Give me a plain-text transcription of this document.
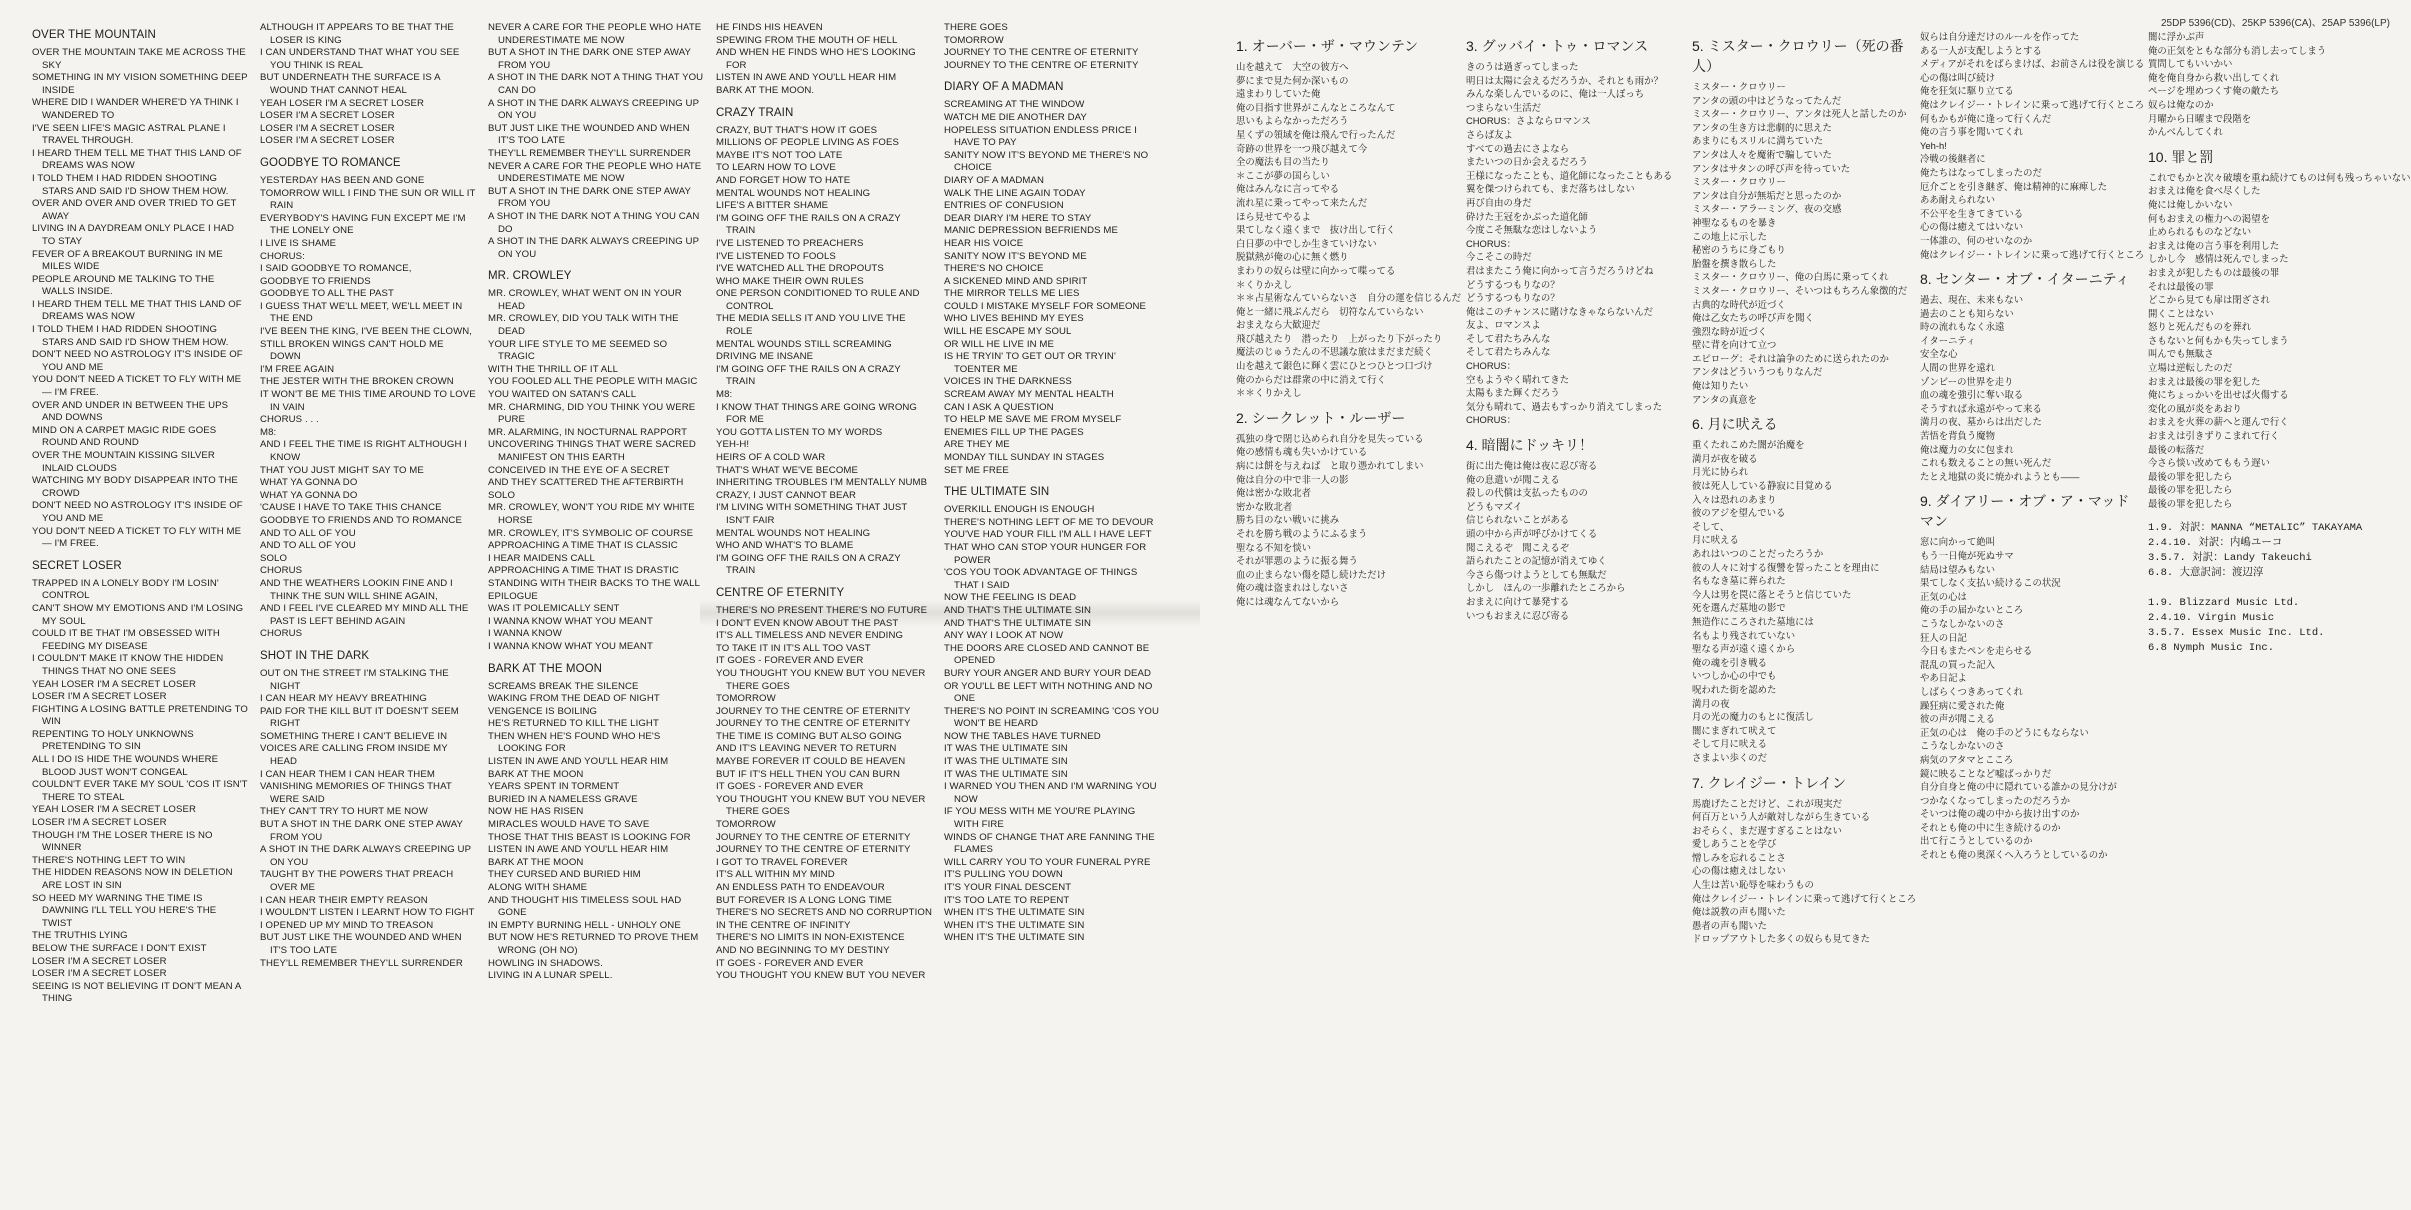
25DP 5396(CD)、25KP 5396(CA)、25AP 5396(LP)
OVER THE MOUNTAIN
OVER THE MOUNTAIN TAKE ME ACROSS THE SKY
SOMETHING IN MY VISION SOMETHING DEEP INSIDE
WHERE DID I WANDER WHERE'D YA THINK I WANDERED TO
I'VE SEEN LIFE'S MAGIC ASTRAL PLANE I TRAVEL THROUGH.
I HEARD THEM TELL ME THAT THIS LAND OF DREAMS WAS NOW
I TOLD THEM I HAD RIDDEN SHOOTING STARS AND SAID I'D SHOW THEM HOW.
OVER AND OVER AND OVER TRIED TO GET AWAY
LIVING IN A DAYDREAM ONLY PLACE I HAD TO STAY
FEVER OF A BREAKOUT BURNING IN ME MILES WIDE
PEOPLE AROUND ME TALKING TO THE WALLS INSIDE.
I HEARD THEM TELL ME THAT THIS LAND OF DREAMS WAS NOW
I TOLD THEM I HAD RIDDEN SHOOTING STARS AND SAID I'D SHOW THEM HOW.
DON'T NEED NO ASTROLOGY IT'S INSIDE OF YOU AND ME
YOU DON'T NEED A TICKET TO FLY WITH ME — I'M FREE.
OVER AND UNDER IN BETWEEN THE UPS AND DOWNS
MIND ON A CARPET MAGIC RIDE GOES ROUND AND ROUND
OVER THE MOUNTAIN KISSING SILVER INLAID CLOUDS
WATCHING MY BODY DISAPPEAR INTO THE CROWD
DON'T NEED NO ASTROLOGY IT'S INSIDE OF YOU AND ME
YOU DON'T NEED A TICKET TO FLY WITH ME — I'M FREE.
SECRET LOSER
TRAPPED IN A LONELY BODY I'M LOSIN' CONTROL
CAN'T SHOW MY EMOTIONS AND I'M LOSING MY SOUL
COULD IT BE THAT I'M OBSESSED WITH FEEDING MY DISEASE
I COULDN'T MAKE IT KNOW THE HIDDEN THINGS THAT NO ONE SEES
YEAH LOSER I'M A SECRET LOSER
LOSER I'M A SECRET LOSER
FIGHTING A LOSING BATTLE PRETENDING TO WIN
REPENTING TO HOLY UNKNOWNS PRETENDING TO SIN
ALL I DO IS HIDE THE WOUNDS WHERE BLOOD JUST WON'T CONGEAL
COULDN'T EVER TAKE MY SOUL 'COS IT ISN'T THERE TO STEAL
YEAH LOSER I'M A SECRET LOSER
LOSER I'M A SECRET LOSER
THOUGH I'M THE LOSER THERE IS NO WINNER
THERE'S NOTHING LEFT TO WIN
THE HIDDEN REASONS NOW IN DELETION ARE LOST IN SIN
SO HEED MY WARNING THE TIME IS DAWNING I'LL TELL YOU HERE'S THE TWIST
THE TRUTHIS LYING
BELOW THE SURFACE I DON'T EXIST
LOSER I'M A SECRET LOSER
LOSER I'M A SECRET LOSER
SEEING IS NOT BELIEVING IT DON'T MEAN A THING
ALTHOUGH IT APPEARS TO BE THAT THE LOSER IS KING
I CAN UNDERSTAND THAT WHAT YOU SEE YOU THINK IS REAL
BUT UNDERNEATH THE SURFACE IS A WOUND THAT CANNOT HEAL
YEAH LOSER I'M A SECRET LOSER
LOSER I'M A SECRET LOSER
LOSER I'M A SECRET LOSER
LOSER I'M A SECRET LOSER
GOODBYE TO ROMANCE
YESTERDAY HAS BEEN AND GONE
TOMORROW WILL I FIND THE SUN OR WILL IT RAIN
EVERYBODY'S HAVING FUN EXCEPT ME I'M THE LONELY ONE
I LIVE IS SHAME
CHORUS:
I SAID GOODBYE TO ROMANCE,
GOODBYE TO FRIENDS
GOODBYE TO ALL THE PAST
I GUESS THAT WE'LL MEET, WE'LL MEET IN THE END
I'VE BEEN THE KING, I'VE BEEN THE CLOWN,
STILL BROKEN WINGS CAN'T HOLD ME DOWN
I'M FREE AGAIN
THE JESTER WITH THE BROKEN CROWN
IT WON'T BE ME THIS TIME AROUND TO LOVE IN VAIN
CHORUS . . .
M8:
AND I FEEL THE TIME IS RIGHT ALTHOUGH I KNOW
THAT YOU JUST MIGHT SAY TO ME
WHAT YA GONNA DO
WHAT YA GONNA DO
'CAUSE I HAVE TO TAKE THIS CHANCE
GOODBYE TO FRIENDS AND TO ROMANCE
AND TO ALL OF YOU
AND TO ALL OF YOU
SOLO
CHORUS
AND THE WEATHERS LOOKIN FINE AND I THINK THE SUN WILL SHINE AGAIN,
AND I FEEL I'VE CLEARED MY MIND ALL THE PAST IS LEFT BEHIND AGAIN
CHORUS
SHOT IN THE DARK
OUT ON THE STREET I'M STALKING THE NIGHT
I CAN HEAR MY HEAVY BREATHING
PAID FOR THE KILL BUT IT DOESN'T SEEM RIGHT
SOMETHING THERE I CAN'T BELIEVE IN
VOICES ARE CALLING FROM INSIDE MY HEAD
I CAN HEAR THEM I CAN HEAR THEM
VANISHING MEMORIES OF THINGS THAT WERE SAID
THEY CAN'T TRY TO HURT ME NOW
BUT A SHOT IN THE DARK ONE STEP AWAY FROM YOU
A SHOT IN THE DARK ALWAYS CREEPING UP ON YOU
TAUGHT BY THE POWERS THAT PREACH OVER ME
I CAN HEAR THEIR EMPTY REASON
I WOULDN'T LISTEN I LEARNT HOW TO FIGHT
I OPENED UP MY MIND TO TREASON
BUT JUST LIKE THE WOUNDED AND WHEN IT'S TOO LATE
THEY'LL REMEMBER THEY'LL SURRENDER
NEVER A CARE FOR THE PEOPLE WHO HATE UNDERESTIMATE ME NOW
BUT A SHOT IN THE DARK ONE STEP AWAY FROM YOU
A SHOT IN THE DARK NOT A THING THAT YOU CAN DO
A SHOT IN THE DARK ALWAYS CREEPING UP ON YOU
BUT JUST LIKE THE WOUNDED AND WHEN IT'S TOO LATE
THEY'LL REMEMBER THEY'LL SURRENDER
NEVER A CARE FOR THE PEOPLE WHO HATE UNDERESTIMATE ME NOW
BUT A SHOT IN THE DARK ONE STEP AWAY FROM YOU
A SHOT IN THE DARK NOT A THING YOU CAN DO
A SHOT IN THE DARK ALWAYS CREEPING UP ON YOU
MR. CROWLEY
MR. CROWLEY, WHAT WENT ON IN YOUR HEAD
MR. CROWLEY, DID YOU TALK WITH THE DEAD
YOUR LIFE STYLE TO ME SEEMED SO TRAGIC
WITH THE THRILL OF IT ALL
YOU FOOLED ALL THE PEOPLE WITH MAGIC
YOU WAITED ON SATAN'S CALL
MR. CHARMING, DID YOU THINK YOU WERE PURE
MR. ALARMING, IN NOCTURNAL RAPPORT
UNCOVERING THINGS THAT WERE SACRED MANIFEST ON THIS EARTH
CONCEIVED IN THE EYE OF A SECRET
AND THEY SCATTERED THE AFTERBIRTH
SOLO
MR. CROWLEY, WON'T YOU RIDE MY WHITE HORSE
MR. CROWLEY, IT'S SYMBOLIC OF COURSE
APPROACHING A TIME THAT IS CLASSIC
I HEAR MAIDENS CALL
APPROACHING A TIME THAT IS DRASTIC
STANDING WITH THEIR BACKS TO THE WALL
EPILOGUE
WAS IT POLEMICALLY SENT
I WANNA KNOW WHAT YOU MEANT
I WANNA KNOW
I WANNA KNOW WHAT YOU MEANT
BARK AT THE MOON
SCREAMS BREAK THE SILENCE
WAKING FROM THE DEAD OF NIGHT
VENGENCE IS BOILING
HE'S RETURNED TO KILL THE LIGHT
THEN WHEN HE'S FOUND WHO HE'S LOOKING FOR
LISTEN IN AWE AND YOU'LL HEAR HIM
BARK AT THE MOON
YEARS SPENT IN TORMENT
BURIED IN A NAMELESS GRAVE
NOW HE HAS RISEN
MIRACLES WOULD HAVE TO SAVE
THOSE THAT THIS BEAST IS LOOKING FOR
LISTEN IN AWE AND YOU'LL HEAR HIM
BARK AT THE MOON
THEY CURSED AND BURIED HIM
ALONG WITH SHAME
AND THOUGHT HIS TIMELESS SOUL HAD GONE
IN EMPTY BURNING HELL - UNHOLY ONE
BUT NOW HE'S RETURNED TO PROVE THEM WRONG (OH NO)
HOWLING IN SHADOWS.
LIVING IN A LUNAR SPELL.
HE FINDS HIS HEAVEN
SPEWING FROM THE MOUTH OF HELL
AND WHEN HE FINDS WHO HE'S LOOKING FOR
LISTEN IN AWE AND YOU'LL HEAR HIM
BARK AT THE MOON.
CRAZY TRAIN
CRAZY, BUT THAT'S HOW IT GOES
MILLIONS OF PEOPLE LIVING AS FOES
MAYBE IT'S NOT TOO LATE
TO LEARN HOW TO LOVE
AND FORGET HOW TO HATE
MENTAL WOUNDS NOT HEALING
LIFE'S A BITTER SHAME
I'M GOING OFF THE RAILS ON A CRAZY TRAIN
I'VE LISTENED TO PREACHERS
I'VE LISTENED TO FOOLS
I'VE WATCHED ALL THE DROPOUTS
WHO MAKE THEIR OWN RULES
ONE PERSON CONDITIONED TO RULE AND CONTROL
THE MEDIA SELLS IT AND YOU LIVE THE ROLE
MENTAL WOUNDS STILL SCREAMING
DRIVING ME INSANE
I'M GOING OFF THE RAILS ON A CRAZY TRAIN
M8:
I KNOW THAT THINGS ARE GOING WRONG FOR ME
YOU GOTTA LISTEN TO MY WORDS
YEH-H!
HEIRS OF A COLD WAR
THAT'S WHAT WE'VE BECOME
INHERITING TROUBLES I'M MENTALLY NUMB
CRAZY, I JUST CANNOT BEAR
I'M LIVING WITH SOMETHING THAT JUST ISN'T FAIR
MENTAL WOUNDS NOT HEALING
WHO AND WHAT'S TO BLAME
I'M GOING OFF THE RAILS ON A CRAZY TRAIN
CENTRE OF ETERNITY
THERE'S NO PRESENT THERE'S NO FUTURE
I DON'T EVEN KNOW ABOUT THE PAST
IT'S ALL TIMELESS AND NEVER ENDING
TO TAKE IT IN IT'S ALL TOO VAST
IT GOES - FOREVER AND EVER
YOU THOUGHT YOU KNEW BUT YOU NEVER THERE GOES
TOMORROW
JOURNEY TO THE CENTRE OF ETERNITY
JOURNEY TO THE CENTRE OF ETERNITY
THE TIME IS COMING BUT ALSO GOING
AND IT'S LEAVING NEVER TO RETURN
MAYBE FOREVER IT COULD BE HEAVEN
BUT IF IT'S HELL THEN YOU CAN BURN
IT GOES - FOREVER AND EVER
YOU THOUGHT YOU KNEW BUT YOU NEVER THERE GOES
TOMORROW
JOURNEY TO THE CENTRE OF ETERNITY
JOURNEY TO THE CENTRE OF ETERNITY
I GOT TO TRAVEL FOREVER
IT'S ALL WITHIN MY MIND
AN ENDLESS PATH TO ENDEAVOUR
BUT FOREVER IS A LONG LONG TIME
THERE'S NO SECRETS AND NO CORRUPTION
IN THE CENTRE OF INFINITY
THERE'S NO LIMITS IN NON-EXISTENCE
AND NO BEGINNING TO MY DESTINY
IT GOES - FOREVER AND EVER
YOU THOUGHT YOU KNEW BUT YOU NEVER
THERE GOES
TOMORROW
JOURNEY TO THE CENTRE OF ETERNITY
JOURNEY TO THE CENTRE OF ETERNITY
DIARY OF A MADMAN
SCREAMING AT THE WINDOW
WATCH ME DIE ANOTHER DAY
HOPELESS SITUATION ENDLESS PRICE I HAVE TO PAY
SANITY NOW IT'S BEYOND ME THERE'S NO CHOICE
DIARY OF A MADMAN
WALK THE LINE AGAIN TODAY
ENTRIES OF CONFUSION
DEAR DIARY I'M HERE TO STAY
MANIC DEPRESSION BEFRIENDS ME
HEAR HIS VOICE
SANITY NOW IT'S BEYOND ME
THERE'S NO CHOICE
A SICKENED MIND AND SPIRIT
THE MIRROR TELLS ME LIES
COULD I MISTAKE MYSELF FOR SOMEONE
WHO LIVES BEHIND MY EYES
WILL HE ESCAPE MY SOUL
OR WILL HE LIVE IN ME
IS HE TRYIN' TO GET OUT OR TRYIN' TOENTER ME
VOICES IN THE DARKNESS
SCREAM AWAY MY MENTAL HEALTH
CAN I ASK A QUESTION
TO HELP ME SAVE ME FROM MYSELF
ENEMIES FILL UP THE PAGES
ARE THEY ME
MONDAY TILL SUNDAY IN STAGES
SET ME FREE
THE ULTIMATE SIN
OVERKILL ENOUGH IS ENOUGH
THERE'S NOTHING LEFT OF ME TO DEVOUR
YOU'VE HAD YOUR FILL I'M ALL I HAVE LEFT
THAT WHO CAN STOP YOUR HUNGER FOR POWER
'COS YOU TOOK ADVANTAGE OF THINGS THAT I SAID
NOW THE FEELING IS DEAD
AND THAT'S THE ULTIMATE SIN
AND THAT'S THE ULTIMATE SIN
ANY WAY I LOOK AT NOW
THE DOORS ARE CLOSED AND CANNOT BE OPENED
BURY YOUR ANGER AND BURY YOUR DEAD
OR YOU'LL BE LEFT WITH NOTHING AND NO ONE
THERE'S NO POINT IN SCREAMING 'COS YOU WON'T BE HEARD
NOW THE TABLES HAVE TURNED
IT WAS THE ULTIMATE SIN
IT WAS THE ULTIMATE SIN
IT WAS THE ULTIMATE SIN
I WARNED YOU THEN AND I'M WARNING YOU NOW
IF YOU MESS WITH ME YOU'RE PLAYING WITH FIRE
WINDS OF CHANGE THAT ARE FANNING THE FLAMES
WILL CARRY YOU TO YOUR FUNERAL PYRE
IT'S PULLING YOU DOWN
IT'S YOUR FINAL DESCENT
IT'S TOO LATE TO REPENT
WHEN IT'S THE ULTIMATE SIN
WHEN IT'S THE ULTIMATE SIN
WHEN IT'S THE ULTIMATE SIN
1. オーバー・ザ・マウンテン
山を越えて　大空の彼方へ
夢にまで見た何か深いもの
遠まわりしていた俺
俺の目指す世界がこんなところなんて
思いもよらなかっただろう
星くずの領域を俺は飛んで行ったんだ
奇跡の世界を一つ飛び越えて今
全の魔法も目の当たり
＊ここが夢の国らしい
俺はみんなに言ってやる
流れ星に乗ってやって来たんだ
ほら見せてやるよ
果てしなく遠くまで　抜け出して行く
白日夢の中でしか生きていけない
脱獄熱が俺の心に無く燃り
まわりの奴らは壁に向かって喋ってる
＊くりかえし
＊＊占星術なんていらないさ　自分の運を信じるんだ
俺と一緒に飛ぶんだら　切符なんていらない
おまえなら大歓迎だ
飛び越えたり　潜ったり　上がったり下がったり
魔法のじゅうたんの不思議な旅はまだまだ続く
山を越えて銀色に輝く雲にひとつひとつ口づけ
俺のからだは群衆の中に消えて行く
＊＊くりかえし
2. シークレット・ルーザー
孤独の身で閉じ込められ自分を見失っている
俺の感情も魂も失いかけている
病には餅を与えねば　と取り憑かれてしまい
俺は自分の中で非一人の影
俺は密かな敗北者
密かな敗北者
勝ち目のない戦いに挑み
それを勝ち戦のようにふるまう
聖なる不知を惔い
それが罪悪のように振る舞う
血の止まらない傷を隠し続けただけ
俺の魂は盗まれはしないさ
俺には魂なんてないから
3. グッバイ・トゥ・ロマンス
きのうは過ぎってしまった
明日は太陽に会えるだろうか、それとも雨か？
みんな楽しんでいるのに、俺は一人ぼっち
つまらない生活だ
CHORUS：さよならロマンス
さらば友よ
すべての過去にさよなら
またいつの日か会えるだろう
王様になったことも、道化師になったこともある
翼を傑つけられても、まだ落ちはしない
再び自由の身だ
砕けた王冠をかぶった道化師
今度こそ無駄な恋はしないよう
CHORUS：
今こそこの時だ
君はまたこう俺に向かって言うだろうけどね
どうするつもりなの？
どうするつもりなの？
俺はこのチャンスに賭けなきゃならないんだ
友よ、ロマンスよ
そして君たちみんな
そして君たちみんな
CHORUS：
空もようやく晴れてきた
太陽もまた輝くだろう
気分も晴れて、過去もすっかり消えてしまった
CHORUS：
4. 暗闇にドッキリ！
街に出た俺は俺は夜に忍び寄る
俺の息遣いが聞こえる
殺しの代償は支払ったものの
どうもマズイ
信じられないことがある
頭の中から声が呼びかけてくる
聞こえるぞ　聞こえるぞ
語られたことの記憶が消えてゆく
今さら傷つけようとしても無駄だ
しかし　ほんの一歩離れたところから
おまえに向けて暴発する
いつもおまえに忍び寄る
5. ミスター・クロウリー（死の番人）
ミスター・クロウリー
アンタの頭の中はどうなってたんだ
ミスター・クロウリー、アンタは死人と話したのか
アンタの生き方は悲劇的に思えた
あまりにもスリルに満ちていた
アンタは人々を魔術で騙していた
アンタはサタンの呼び声を待っていた
ミスター・クロウリー
アンタは自分が無垢だと思ったのか
ミスター・アラーミング、夜の交感
神聖なるものを暴き
この地上に示した
秘密のうちに身ごもり
胎盤を撰き散らした
ミスター・クロウリー、俺の白馬に乗ってくれ
ミスター・クロウリー、そいつはもちろん象徴的だ
古典的な時代が近づく
俺は乙女たちの呼び声を聞く
強烈な時が近づく
壁に背を向けて立つ
エピローグ：それは論争のために送られたのか
アンタはどういうつもりなんだ
俺は知りたい
アンタの真意を
6. 月に吠える
重くたれこめた闇が治魔を
満月が夜を破る
月光に协られ
彼は死人している静寂に目覚める
入々は恐れのあまり
彼のアジを望んでいる
そして、
月に吠える
あれはいつのことだったろうか
彼の人々に対する復讐を誓ったことを理由に
名もなき墓に葬られた
今人は男を罠に落とそうと信じていた
死を選んだ墓地の影で
無造作にころされた墓地には
名もより残されていない
聖なる声が遠く遠くから
俺の魂を引き戦る
いつしか心の中でも
呪われた街を認めた
満月の夜
月の光の魔力のもとに復活し
闇にまぎれて吠えて
そして月に吠える
さまよい歩くのだ
7. クレイジー・トレイン
馬鹿げたことだけど、これが現実だ
何百万という人が敵対しながら生きている
おそらく、まだ遅すぎることはない
愛しあうことを学び
憎しみを忘れることさ
心の傷は癒えはしない
人生は苦い恥辱を味わうもの
俺はクレイジー・トレインに乗って逃げて行くところ
俺は説教の声も聞いた
愚者の声も聞いた
ドロップアウトした多くの奴らも見てきた
奴らは自分達だけのルールを作ってた
ある一人が支配しようとする
メディアがそれをばらまけば、お前さんは役を演じる
心の傷は叫び続け
俺を狂気に駆り立てる
俺はクレイジー・トレインに乗って逃げて行くところ
何もかもが俺に逢って行くんだ
俺の言う事を聞いてくれ
Yeh-h!
冷戦の後継者に
俺たちはなってしまったのだ
厄介ごとを引き継ぎ、俺は精神的に麻痺した
ああ耐えられない
不公平を生きてきている
心の傷は癒えてはいない
一体誰の、何のせいなのか
俺はクレイジー・トレインに乗って逃げて行くところ
8. センター・オブ・イターニティ
過去、現在、未来もない
過去のことも知らない
時の流れもなく永遠
イターニティ
安全な心
人間の世界を遠れ
ゾンビーの世界を走り
血の魂を強引に奪い取る
そうすれば永遠がやって来る
満月の夜、墓からは出だした
苦悟を背負う魔物
俺は魔力の女に包まれ
これも数えることの無い死んだ
たとえ地獄の炎に焼かれようとも——
9. ダイアリー・オブ・ア・マッドマン
窓に向かって絶叫
もう一日俺が死ぬサマ
結局は望みもない
果てしなく支払い続けるこの状況
正気の心は
俺の手の届かないところ
こうなしかないのさ
狂人の日記
今日もまたペンを走らせる
混乱の買った記入
やあ日記よ
しばらくつきあってくれ
躁狂病に愛された俺
彼の声が聞こえる
正気の心は　俺の手のどうにもならない
こうなしかないのさ
病気のアタマとこころ
鏡に映ることなど嘘ばっかりだ
自分自身と俺の中に隠れている誰かの見分けが
つかなくなってしまったのだろうか
そいつは俺の魂の中から抜け出すのか
それとも俺の中に生き続けるのか
出て行こうとしているのか
それとも俺の奥深くへ入ろうとしているのか
闇に浮かぶ声
俺の正気をともな部分も消し去ってしまう
質問してもいいかい
俺を俺自身から救い出してくれ
ページを埋めつくす俺の敵たち
奴らは俺なのか
月曜から日曜まで段階を
かんべんしてくれ
10. 罪と罰
これでもかと次々破壊を重ね続けてものは何も残っちゃいない
おまえは俺を食べ尽くした
俺には俺しかいない
何もおまえの権力への渇望を
止められるものなどない
おまえは俺の言う事を利用した
しかし今　感情は死んでしまった
おまえが犯したものは最後の罪
それは最後の罪
どこから見ても扉は閉ざされ
開くことはない
怒りと死んだものを葬れ
さもないと何もかも失ってしまう
叫んでも無駄さ
立場は逆転したのだ
おまえは最後の罪を犯した
俺にちょっかいを出せば火傷する
変化の風が炎をあおり
おまえを火葬の薪へと運んで行く
おまえは引きずりこまれて行く
最後の転落だ
今さら惔い改めてももう遅い
最後の罪を犯したら
最後の罪を犯したら
最後の罪を犯したら
1.9. 対訳：MANNA “METALIC” TAKAYAMA
2.4.10. 対訳：内嶋ユーコ
3.5.7. 対訳：Landy Takeuchi
6.8. 大意訳詞：渡辺淳

1.9. Blizzard Music Ltd.
2.4.10. Virgin Music
3.5.7. Essex Music Inc. Ltd.
6.8 Nymph Music Inc.
